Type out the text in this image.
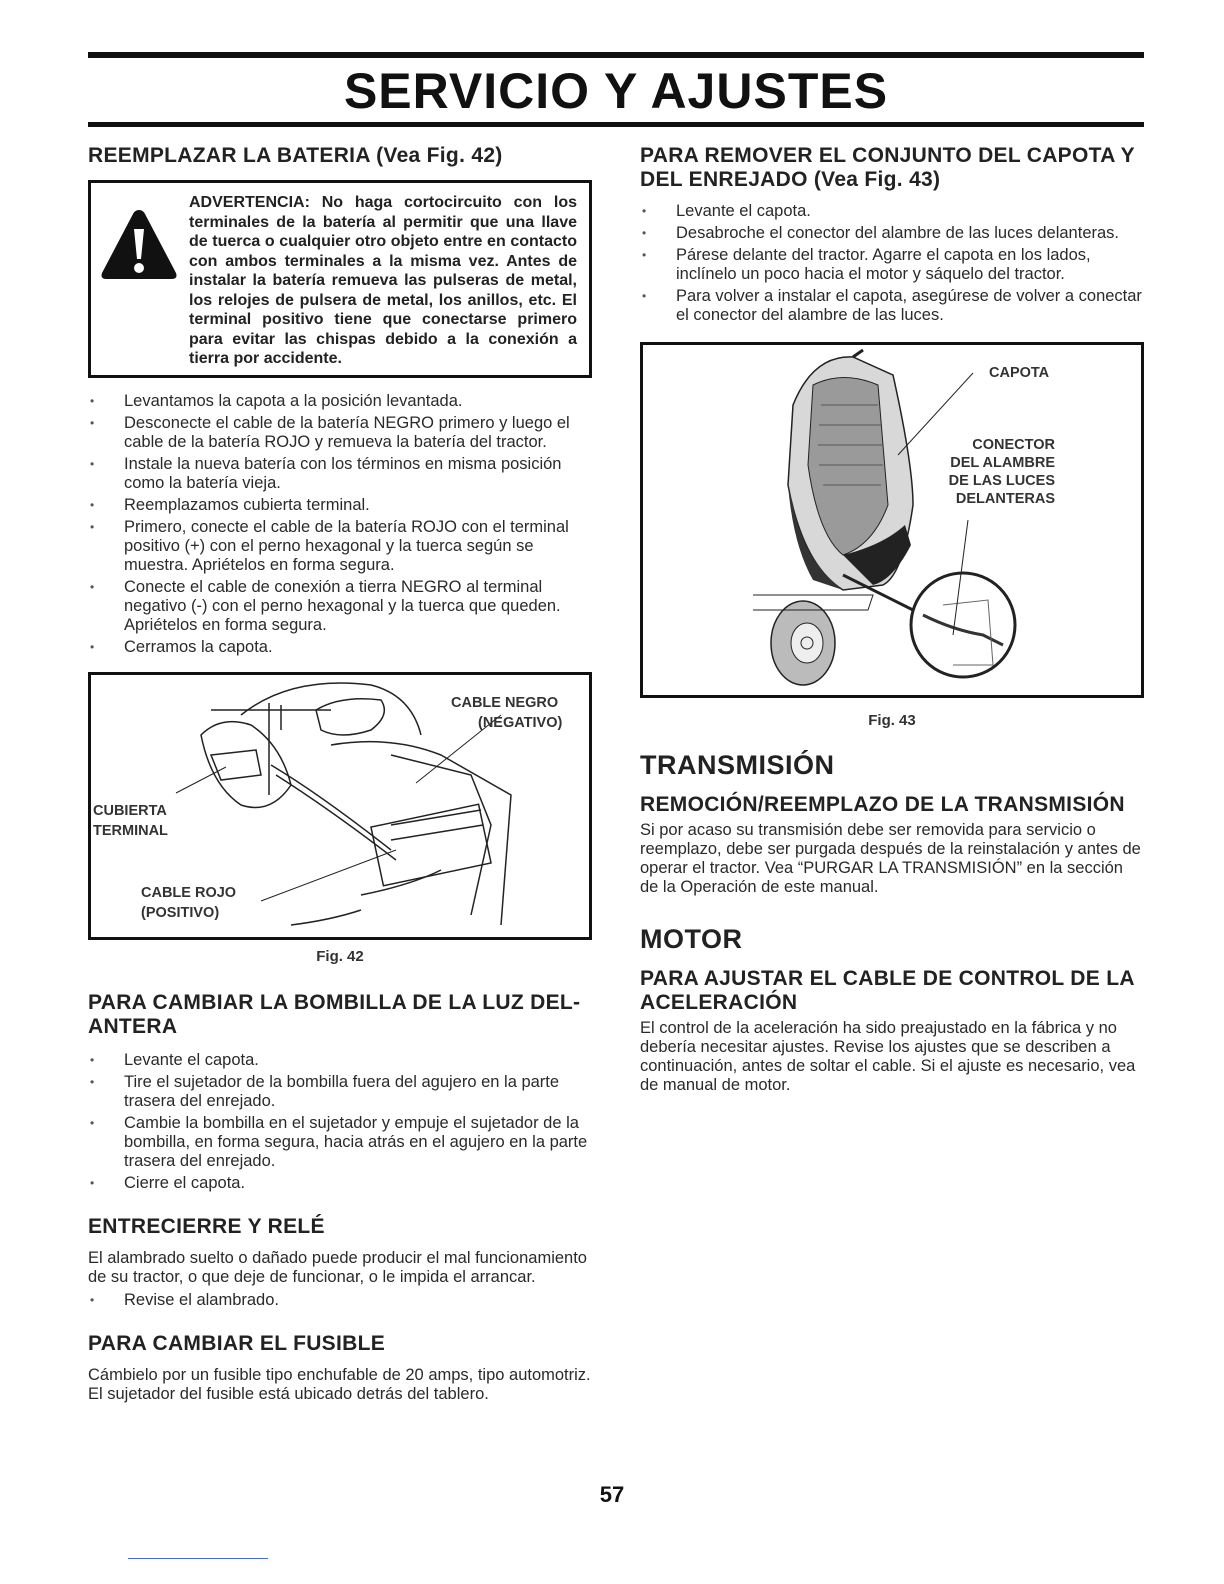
SERVICIO Y AJUSTES
REEMPLAZAR LA BATERIA (Vea Fig. 42)
ADVERTENCIA: No haga cortocircuito con los terminales de la batería al permitir que una llave de tuerca o cualquier otro objeto entre en contacto con ambos terminales a la misma vez. Antes de instalar la batería remueva las pulseras de metal, los relojes de pulsera de metal, los anillos, etc. El terminal positivo tiene que conectarse primero para evitar las chispas debido a la conexión a tierra por accidente.
• Levantamos la capota a la posición levantada.
• Desconecte el cable de la batería NEGRO primero y luego el cable de la batería ROJO y remueva la batería del tractor.
• Instale la nueva batería con los términos en misma posición como la batería vieja.
• Reemplazamos cubierta terminal.
• Primero, conecte el cable de la batería ROJO con el terminal positivo (+) con el perno hexagonal y la tuerca según se muestra. Apriételos en forma segura.
• Conecte el cable de conexión a tierra NEGRO al terminal negativo (-) con el perno hexagonal y la tuerca que queden. Apriételos en forma segura.
• Cerramos la capota.
CABLE NEGRO
(NEGATIVO)
CUBIERTA
TERMINAL
CABLE ROJO
(POSITIVO)
Fig. 42
PARA CAMBIAR LA BOMBILLA DE LA LUZ DEL-ANTERA
• Levante el capota.
• Tire el sujetador de la bombilla fuera del agujero en la parte trasera del enrejado.
• Cambie la bombilla en el sujetador y empuje el sujetador de la bombilla, en forma segura, hacia atrás en el agujero en la parte trasera del enrejado.
• Cierre el capota.
ENTRECIERRE Y RELÉ

El alambrado suelto o dañado puede producir el mal funcionamiento de su tractor, o que deje de funcionar, o le impida el arrancar.

• Revise el alambrado.
PARA CAMBIAR EL FUSIBLE

Cámbielo por un fusible tipo enchufable de 20 amps, tipo automotriz. El sujetador del fusible está ubicado detrás del tablero.

PARA REMOVER EL CONJUNTO DEL CAPOTA Y DEL ENREJADO (Vea Fig. 43)
• Levante el capota.
• Desabroche el conector del alambre de las luces delanteras.
• Párese delante del tractor. Agarre el capota en los lados, inclínelo un poco hacia el motor y sáquelo del tractor.
• Para volver a instalar el capota, asegúrese de volver a conectar el conector del alambre de las luces.
CAPOTA
CONECTOR
DEL ALAMBRE
DE LAS LUCES
DELANTERAS
Fig. 43
TRANSMISIÓN
REMOCIÓN/REEMPLAZO DE LA TRANSMISIÓN

Si por acaso su transmisión debe ser removida para servicio o reemplazo, debe ser purgada después de la reinstalación y antes de operar el tractor. Vea “PURGAR LA TRANSMISIÓN” en la sección de la Operación de este manual.

MOTOR
PARA AJUSTAR EL CABLE DE CONTROL DE LA ACELERACIÓN

El control de la aceleración ha sido preajustado en la fábrica y no debería necesitar ajustes. Revise los ajustes que se describen a continuación, antes de soltar el cable. Si el ajuste es necesario, vea de manual de motor.

57
